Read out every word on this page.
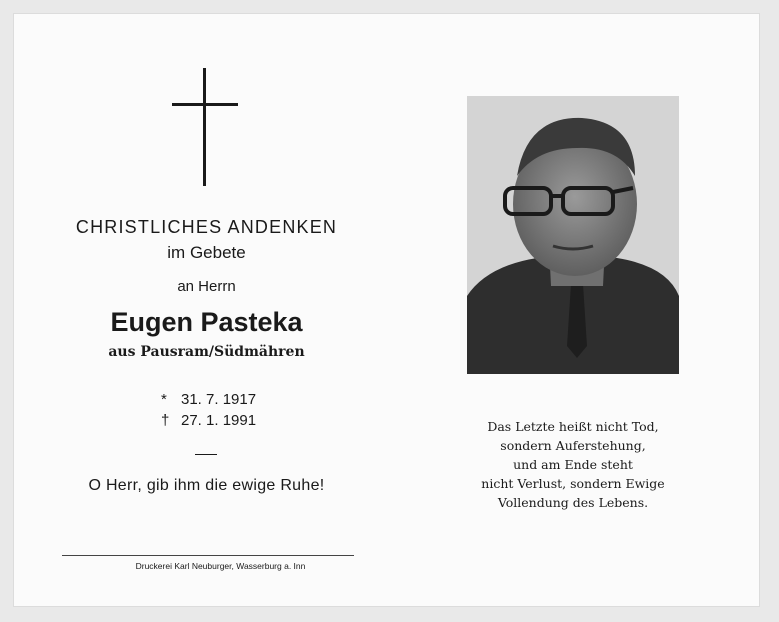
CHRISTLICHES ANDENKEN
im Gebete
an Herrn
Eugen Pasteka
aus Pausram/Südmähren
* 31. 7. 1917
† 27. 1. 1991
O Herr, gib ihm die ewige Ruhe!
Druckerei Karl Neuburger, Wasserburg a. Inn
Das Letzte heißt nicht Tod,
sondern Auferstehung,
und am Ende steht
nicht Verlust, sondern Ewige
Vollendung des Lebens.
